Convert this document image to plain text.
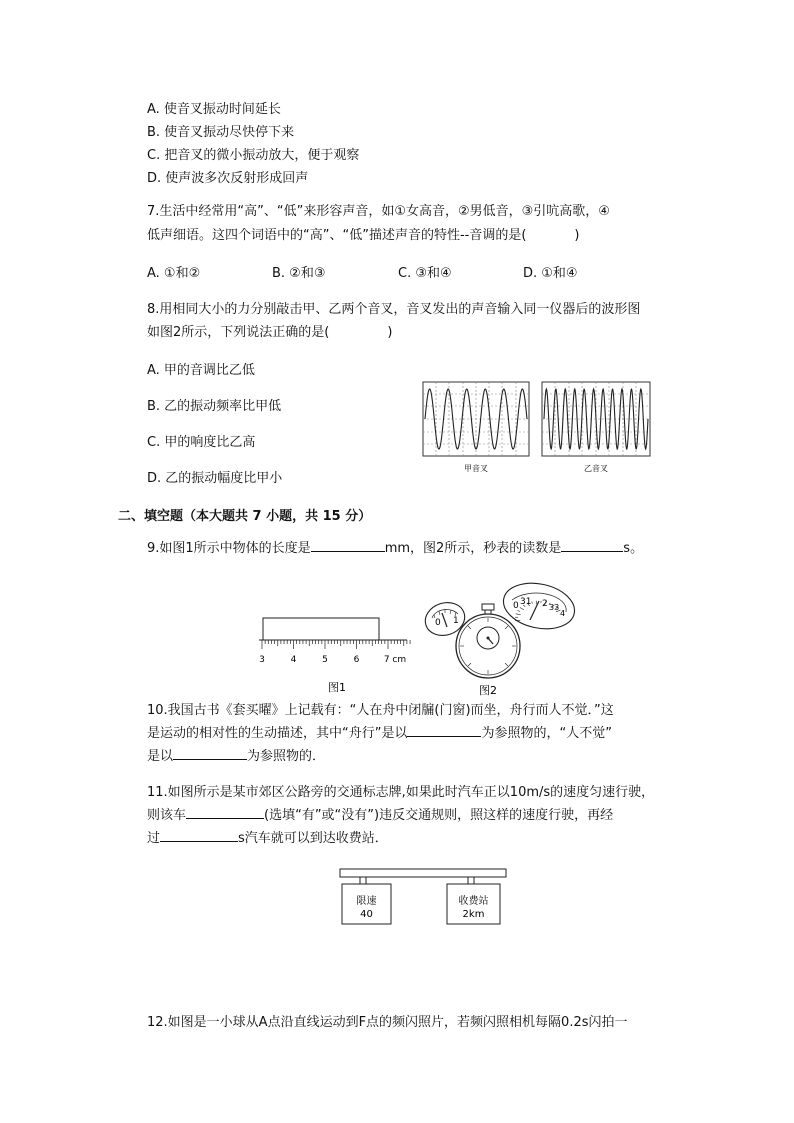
A. 使音叉振动时间延长
B. 使音叉振动尽快停下来
C. 把音叉的微小振动放大，便于观察
D. 使声波多次反射形成回声
7.生活中经常用“高”、“低”来形容声音，如①女高音，②男低音，③引吭高歌，④
低声细语。这四个词语中的“高”、“低”描述声音的特性--音调的是(	)
A. ①和②	B. ②和③	C. ③和④	D. ①和④
8.用相同大小的力分别敲击甲、乙两个音叉，音叉发出的声音输入同一仪器后的波形图
如图2所示，下列说法正确的是(	)
A. 甲的音调比乙低
B. 乙的振动频率比甲低
C. 甲的响度比乙高
D. 乙的振动幅度比甲小
甲音叉	乙音叉
二、填空题（本大题共 7 小题，共 15 分）
9.如图1所示中物体的长度是	mm，图2所示，秒表的读数是	s。
3	4	5	6	7 cm
图1
0 1
0 31 2 33
4
图2
10.我国古书《套买曜》上记载有：“人在舟中闭牖(门窗)而坐，舟行而人不觉．”这
是运动的相对性的生动描述，其中“舟行”是以	为参照物的，“人不觉”
是以	为参照物的．
11.如图所示是某市郊区公路旁的交通标志牌,如果此时汽车正以10m/s的速度匀速行驶，
则该车	(选填“有”或“没有”)违反交通规则，照这样的速度行驶，再经
过	s汽车就可以到达收费站．
限速
40
收费站
2km
12.如图是一小球从A点沿直线运动到F点的频闪照片，若频闪照相机每隔0.2s闪拍一
